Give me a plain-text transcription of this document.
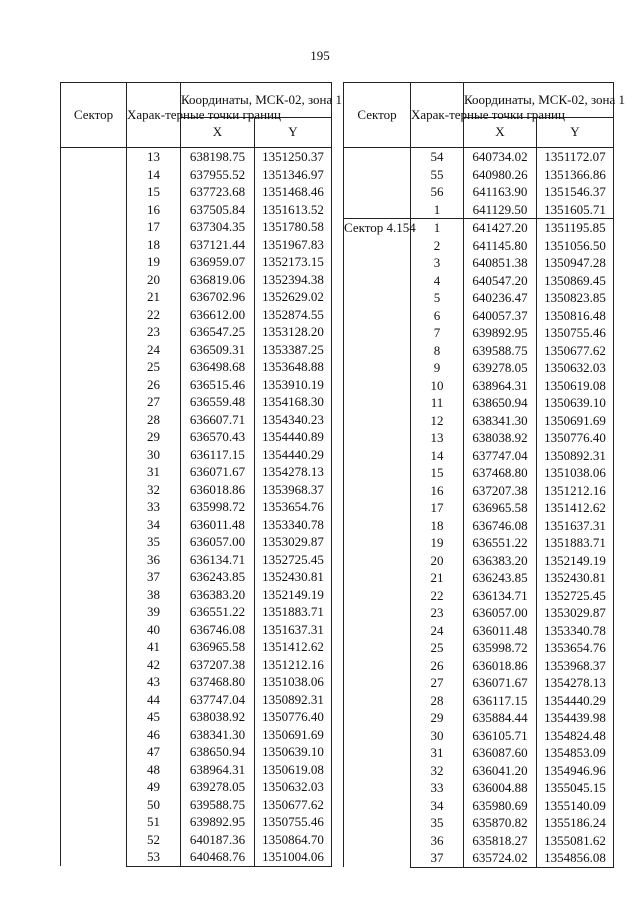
195
Сектор	Харак-терные точки границ	Координаты, МСК-02, зона 1	
		X	Y
	13	638198.75	1351250.37
	14	637955.52	1351346.97
	15	637723.68	1351468.46
	16	637505.84	1351613.52
	17	637304.35	1351780.58
	18	637121.44	1351967.83
	19	636959.07	1352173.15
	20	636819.06	1352394.38
	21	636702.96	1352629.02
	22	636612.00	1352874.55
	23	636547.25	1353128.20
	24	636509.31	1353387.25
	25	636498.68	1353648.88
	26	636515.46	1353910.19
	27	636559.48	1354168.30
	28	636607.71	1354340.23
	29	636570.43	1354440.89
	30	636117.15	1354440.29
	31	636071.67	1354278.13
	32	636018.86	1353968.37
	33	635998.72	1353654.76
	34	636011.48	1353340.78
	35	636057.00	1353029.87
	36	636134.71	1352725.45
	37	636243.85	1352430.81
	38	636383.20	1352149.19
	39	636551.22	1351883.71
	40	636746.08	1351637.31
	41	636965.58	1351412.62
	42	637207.38	1351212.16
	43	637468.80	1351038.06
	44	637747.04	1350892.31
	45	638038.92	1350776.40
	46	638341.30	1350691.69
	47	638650.94	1350639.10
	48	638964.31	1350619.08
	49	639278.05	1350632.03
	50	639588.75	1350677.62
	51	639892.95	1350755.46
	52	640187.36	1350864.70
	53	640468.76	1351004.06
Сектор	Харак-терные точки границ	Координаты, МСК-02, зона 1	
		X	Y
	54	640734.02	1351172.07
	55	640980.26	1351366.86
	56	641163.90	1351546.37
	1	641129.50	1351605.71
Сектор 4.154	1	641427.20	1351195.85
	2	641145.80	1351056.50
	3	640851.38	1350947.28
	4	640547.20	1350869.45
	5	640236.47	1350823.85
	6	640057.37	1350816.48
	7	639892.95	1350755.46
	8	639588.75	1350677.62
	9	639278.05	1350632.03
	10	638964.31	1350619.08
	11	638650.94	1350639.10
	12	638341.30	1350691.69
	13	638038.92	1350776.40
	14	637747.04	1350892.31
	15	637468.80	1351038.06
	16	637207.38	1351212.16
	17	636965.58	1351412.62
	18	636746.08	1351637.31
	19	636551.22	1351883.71
	20	636383.20	1352149.19
	21	636243.85	1352430.81
	22	636134.71	1352725.45
	23	636057.00	1353029.87
	24	636011.48	1353340.78
	25	635998.72	1353654.76
	26	636018.86	1353968.37
	27	636071.67	1354278.13
	28	636117.15	1354440.29
	29	635884.44	1354439.98
	30	636105.71	1354824.48
	31	636087.60	1354853.09
	32	636041.20	1354946.96
	33	636004.88	1355045.15
	34	635980.69	1355140.09
	35	635870.82	1355186.24
	36	635818.27	1355081.62
	37	635724.02	1354856.08
